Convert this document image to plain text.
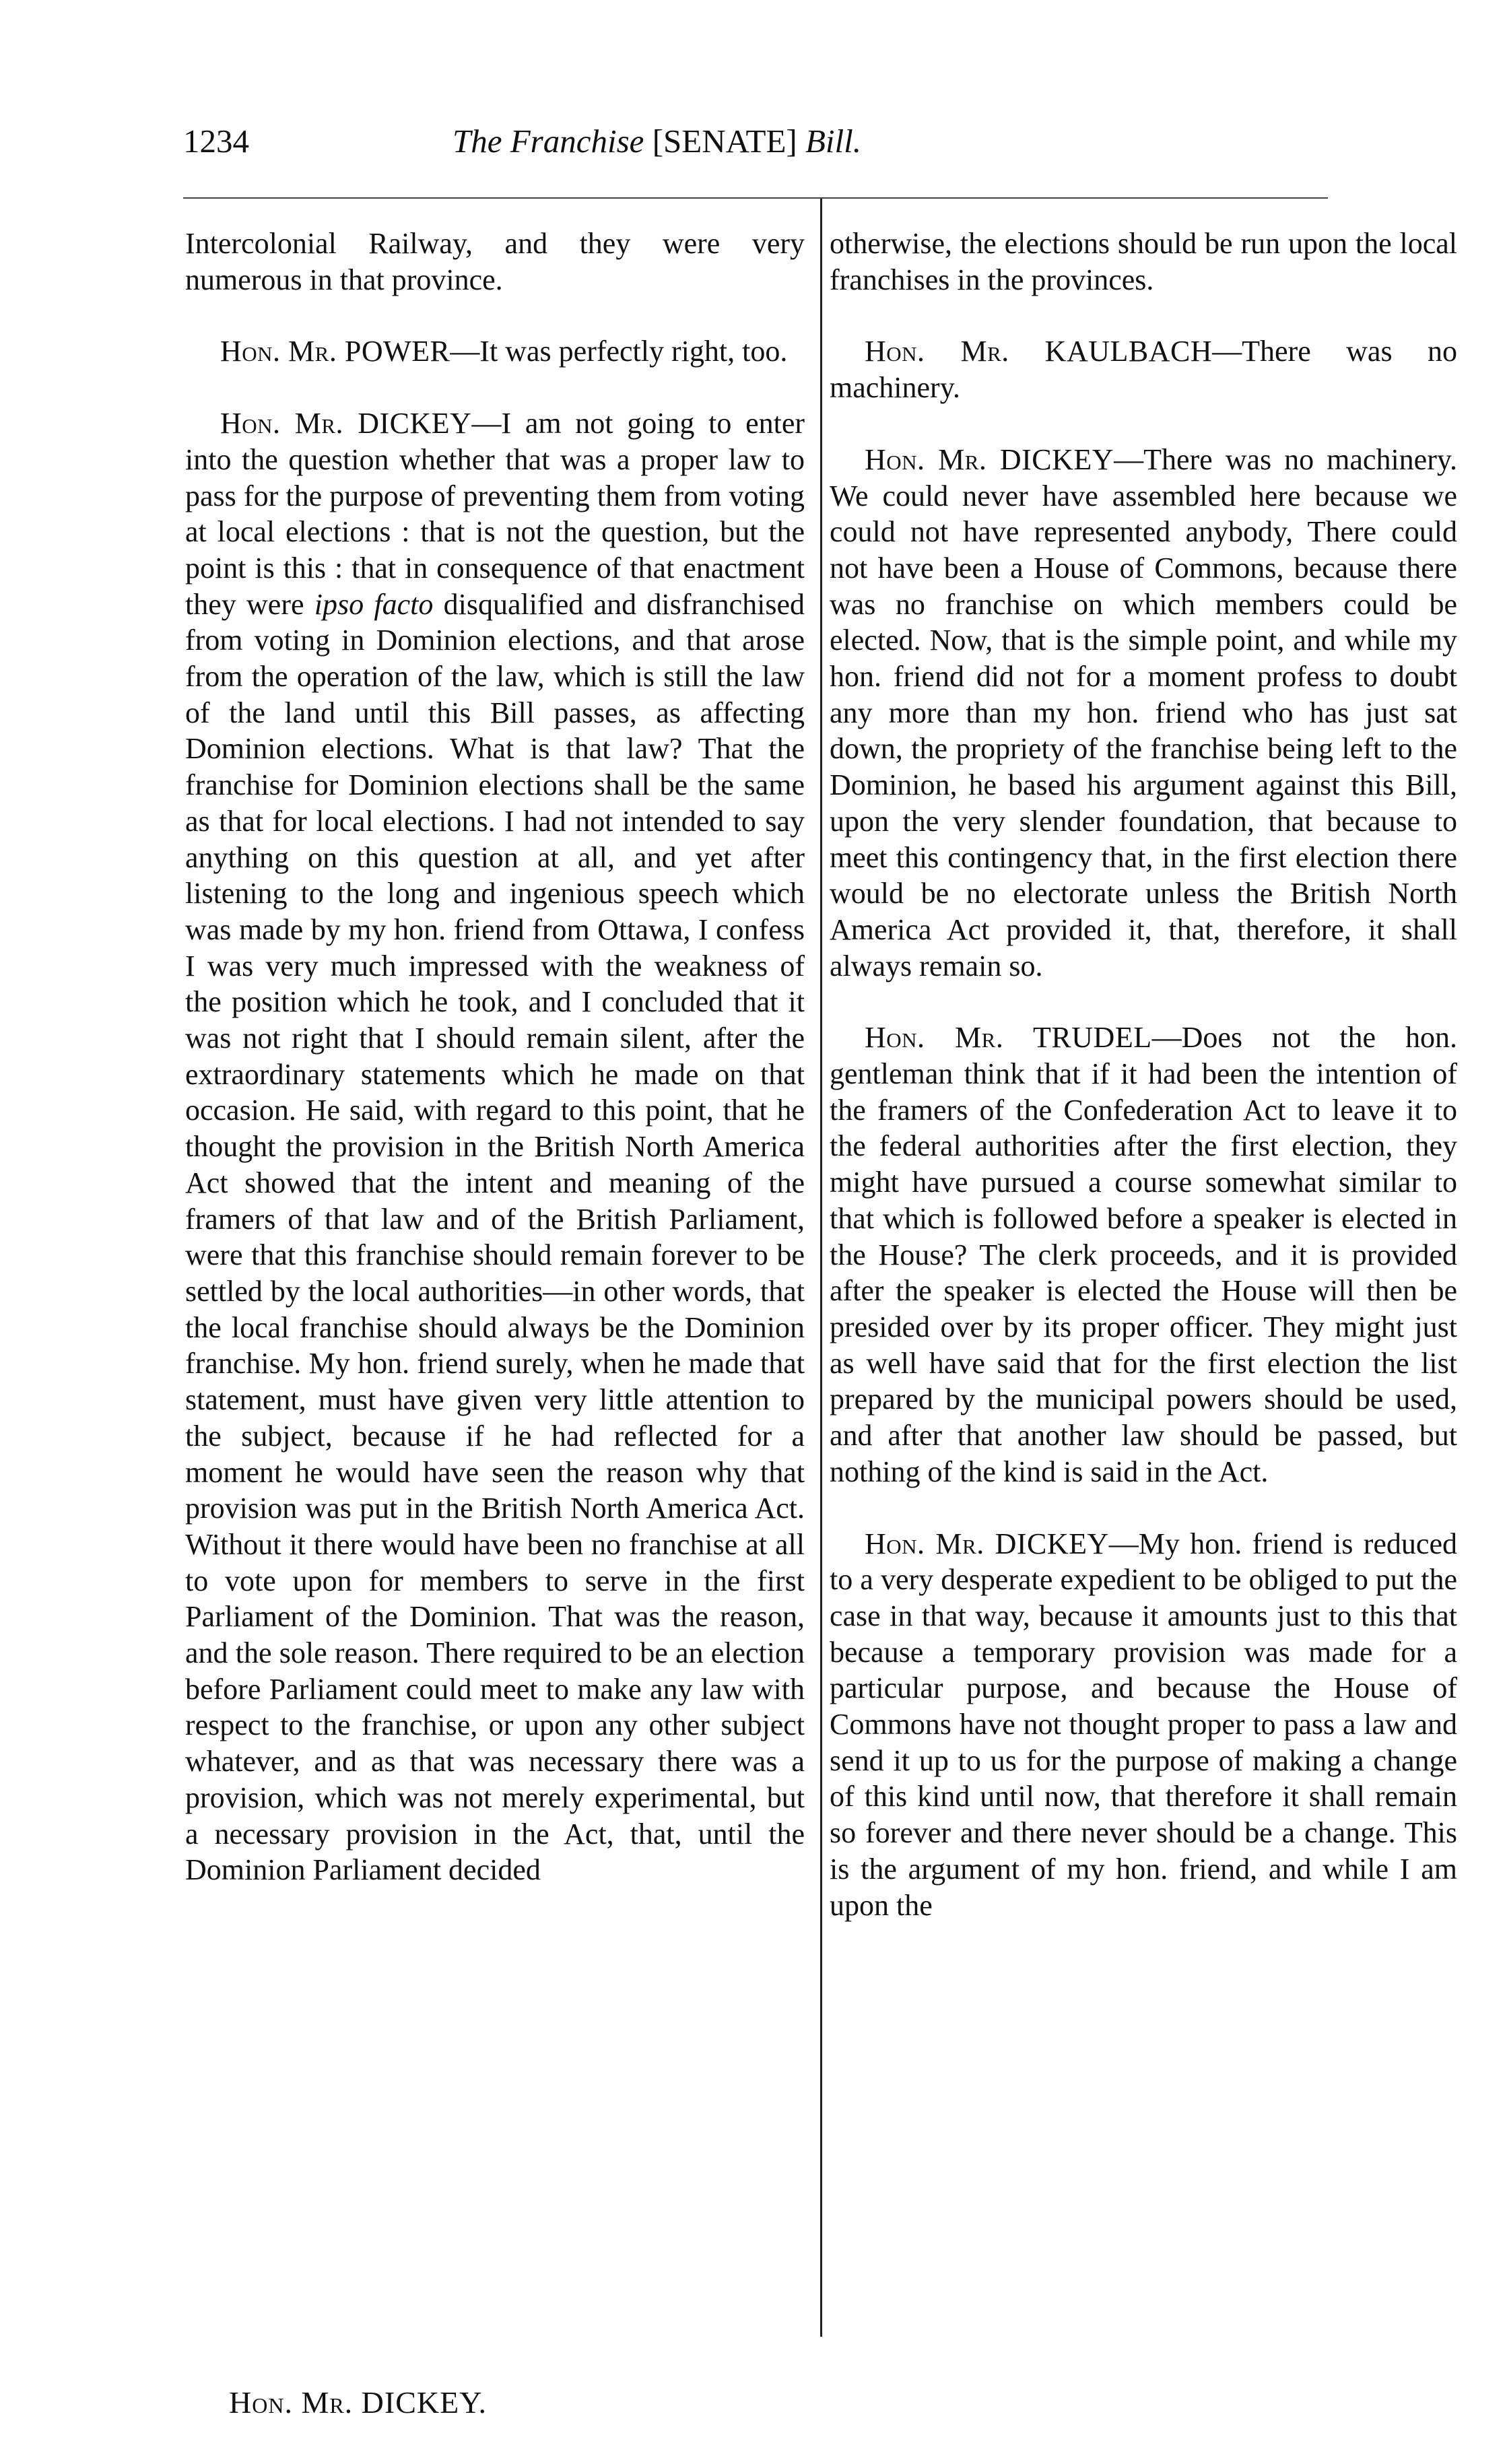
1234	The Franchise [SENATE] Bill.

Intercolonial Railway, and they were very numerous in that province.

Hon. Mr. POWER—It was perfectly right, too.

Hon. Mr. DICKEY—I am not going to enter into the question whether that was a proper law to pass for the purpose of preventing them from voting at local elections : that is not the question, but the point is this : that in consequence of that enactment they were ipso facto disqualified and disfranchised from voting in Dominion elections, and that arose from the operation of the law, which is still the law of the land until this Bill passes, as affecting Dominion elections. What is that law? That the franchise for Dominion elections shall be the same as that for local elections. I had not intended to say anything on this question at all, and yet after listening to the long and ingenious speech which was made by my hon. friend from Ottawa, I confess I was very much impressed with the weakness of the position which he took, and I concluded that it was not right that I should remain silent, after the extraordinary statements which he made on that occasion. He said, with regard to this point, that he thought the provision in the British North America Act showed that the intent and meaning of the framers of that law and of the British Parliament, were that this franchise should remain forever to be settled by the local authorities—in other words, that the local franchise should always be the Dominion franchise. My hon. friend surely, when he made that statement, must have given very little attention to the subject, because if he had reflected for a moment he would have seen the reason why that provision was put in the British North America Act. Without it there would have been no franchise at all to vote upon for members to serve in the first Parliament of the Dominion. That was the reason, and the sole reason. There required to be an election before Parliament could meet to make any law with respect to the franchise, or upon any other subject whatever, and as that was necessary there was a provision, which was not merely experimental, but a necessary provision in the Act, that, until the Dominion Parliament decided

otherwise, the elections should be run upon the local franchises in the provinces.

Hon. Mr. KAULBACH—There was no machinery.

Hon. Mr. DICKEY—There was no machinery. We could never have assembled here because we could not have represented anybody, There could not have been a House of Commons, because there was no franchise on which members could be elected. Now, that is the simple point, and while my hon. friend did not for a moment profess to doubt any more than my hon. friend who has just sat down, the propriety of the franchise being left to the Dominion, he based his argument against this Bill, upon the very slender foundation, that because to meet this contingency that, in the first election there would be no electorate unless the British North America Act provided it, that, therefore, it shall always remain so.

Hon. Mr. TRUDEL—Does not the hon. gentleman think that if it had been the intention of the framers of the Confederation Act to leave it to the federal authorities after the first election, they might have pursued a course somewhat similar to that which is followed before a speaker is elected in the House? The clerk proceeds, and it is provided after the speaker is elected the House will then be presided over by its proper officer. They might just as well have said that for the first election the list prepared by the municipal powers should be used, and after that another law should be passed, but nothing of the kind is said in the Act.

Hon. Mr. DICKEY—My hon. friend is reduced to a very desperate expedient to be obliged to put the case in that way, because it amounts just to this that because a temporary provision was made for a particular purpose, and because the House of Commons have not thought proper to pass a law and send it up to us for the purpose of making a change of this kind until now, that therefore it shall remain so forever and there never should be a change. This is the argument of my hon. friend, and while I am upon the

Hon. Mr. DICKEY.
